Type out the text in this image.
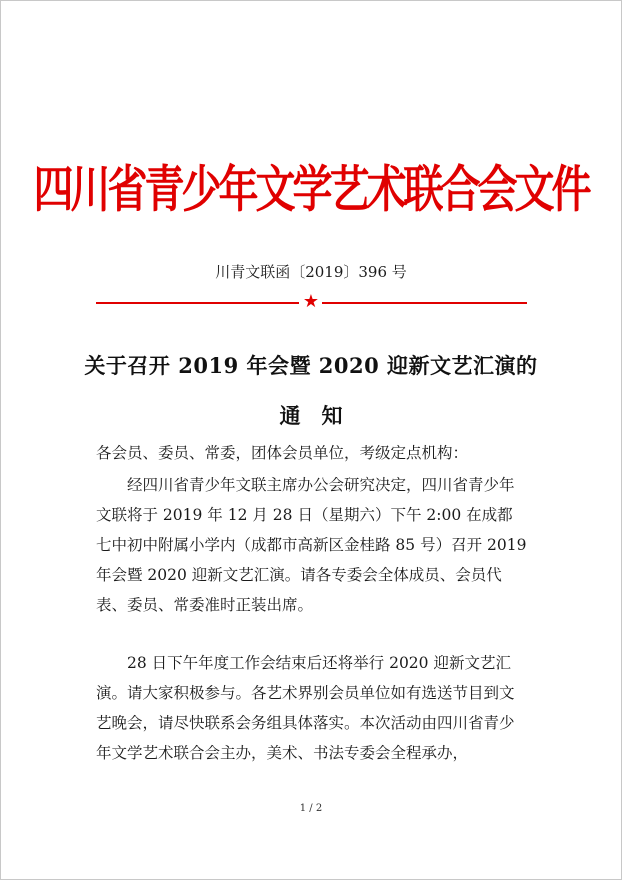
四川省青少年文学艺术联合会文件
川青文联函〔2019〕396 号
★
关于召开 2019 年会暨 2020 迎新文艺汇演的
通　知
各会员、委员、常委，团体会员单位，考级定点机构：
经四川省青少年文联主席办公会研究决定，四川省青少年文联将于 2019 年 12 月 28 日（星期六）下午 2:00 在成都七中初中附属小学内（成都市高新区金桂路 85 号）召开 2019 年会暨 2020 迎新文艺汇演。请各专委会全体成员、会员代表、委员、常委准时正装出席。
28 日下午年度工作会结束后还将举行 2020 迎新文艺汇演。请大家积极参与。各艺术界别会员单位如有选送节目到文艺晚会，请尽快联系会务组具体落实。本次活动由四川省青少年文学艺术联合会主办，美术、书法专委会全程承办，
1 / 2
